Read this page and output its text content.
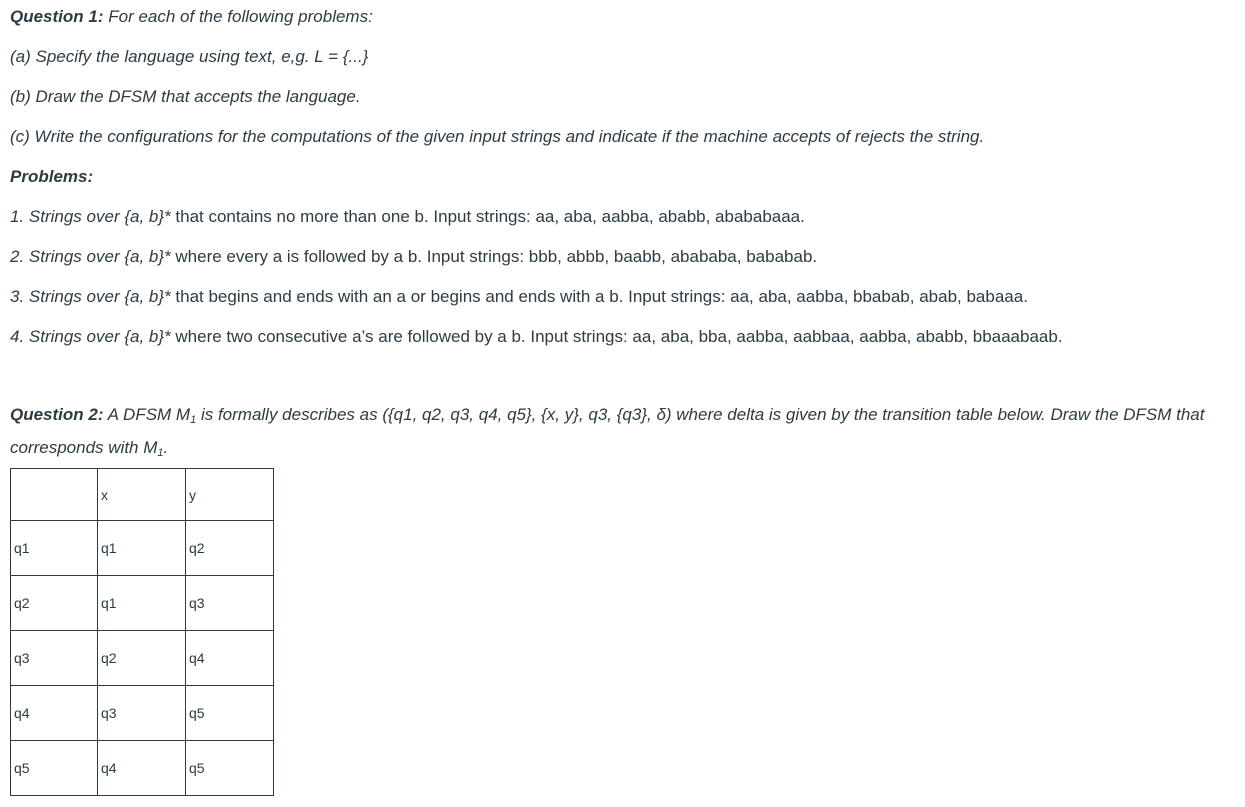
Question 1: For each of the following problems:
(a) Specify the language using text, e,g. L = {...}
(b) Draw the DFSM that accepts the language.
(c) Write the configurations for the computations of the given input strings and indicate if the machine accepts of rejects the string.
Problems:
1. Strings over {a, b}* that contains no more than one b. Input strings: aa, aba, aabba, ababb, abababaaa.
2. Strings over {a, b}* where every a is followed by a b. Input strings: bbb, abbb, baabb, abababa, bababab.
3. Strings over {a, b}* that begins and ends with an a or begins and ends with a b. Input strings: aa, aba, aabba, bbabab, abab, babaaa.
4. Strings over {a, b}* where two consecutive a’s are followed by a b. Input strings: aa, aba, bba, aabba, aabbaa, aabba, ababb, bbaaabaab.
Question 2: A DFSM $M_1$ is formally describes as ({q1, q2, q3, q4, q5}, {x, y}, q3, {q3}, δ) where delta is given by the transition table below. Draw the DFSM that corresponds with $M_1$.
	x	y
q1	q1	q2
q2	q1	q3
q3	q2	q4
q4	q3	q5
q5	q4	q5
